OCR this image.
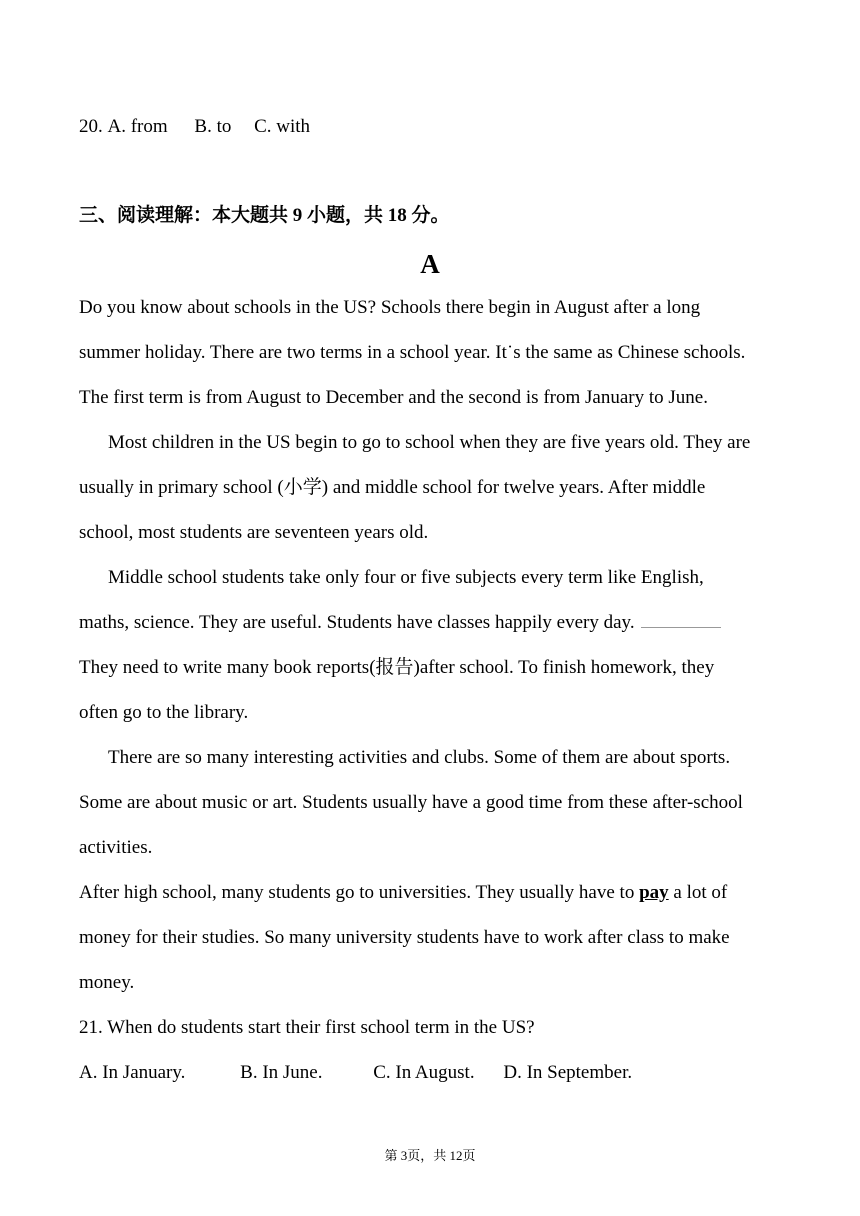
20. A. from B. to C. with
三、阅读理解：本大题共 9 小题，共 18 分。
A
Do you know about schools in the US? Schools there begin in August after a long
summer holiday. There are two terms in a school year. It˙s the same as Chinese schools.
The first term is from August to December and the second is from January to June.
Most children in the US begin to go to school when they are five years old. They are
usually in primary school (小学) and middle school for twelve years. After middle
school, most students are seventeen years old.
Middle school students take only four or five subjects every term like English,
maths, science. They are useful. Students have classes happily every day.
They need to write many book reports(报告)after school. To finish homework, they
often go to the library.
There are so many interesting activities and clubs. Some of them are about sports.
Some are about music or art. Students usually have a good time from these after-school
activities.
After high school, many students go to universities. They usually have to pay a lot of
money for their studies. So many university students have to work after class to make
money.
21. When do students start their first school term in the US?
A. In January.	B. In June.	C. In August. D. In September.
第 3页，共 12页
